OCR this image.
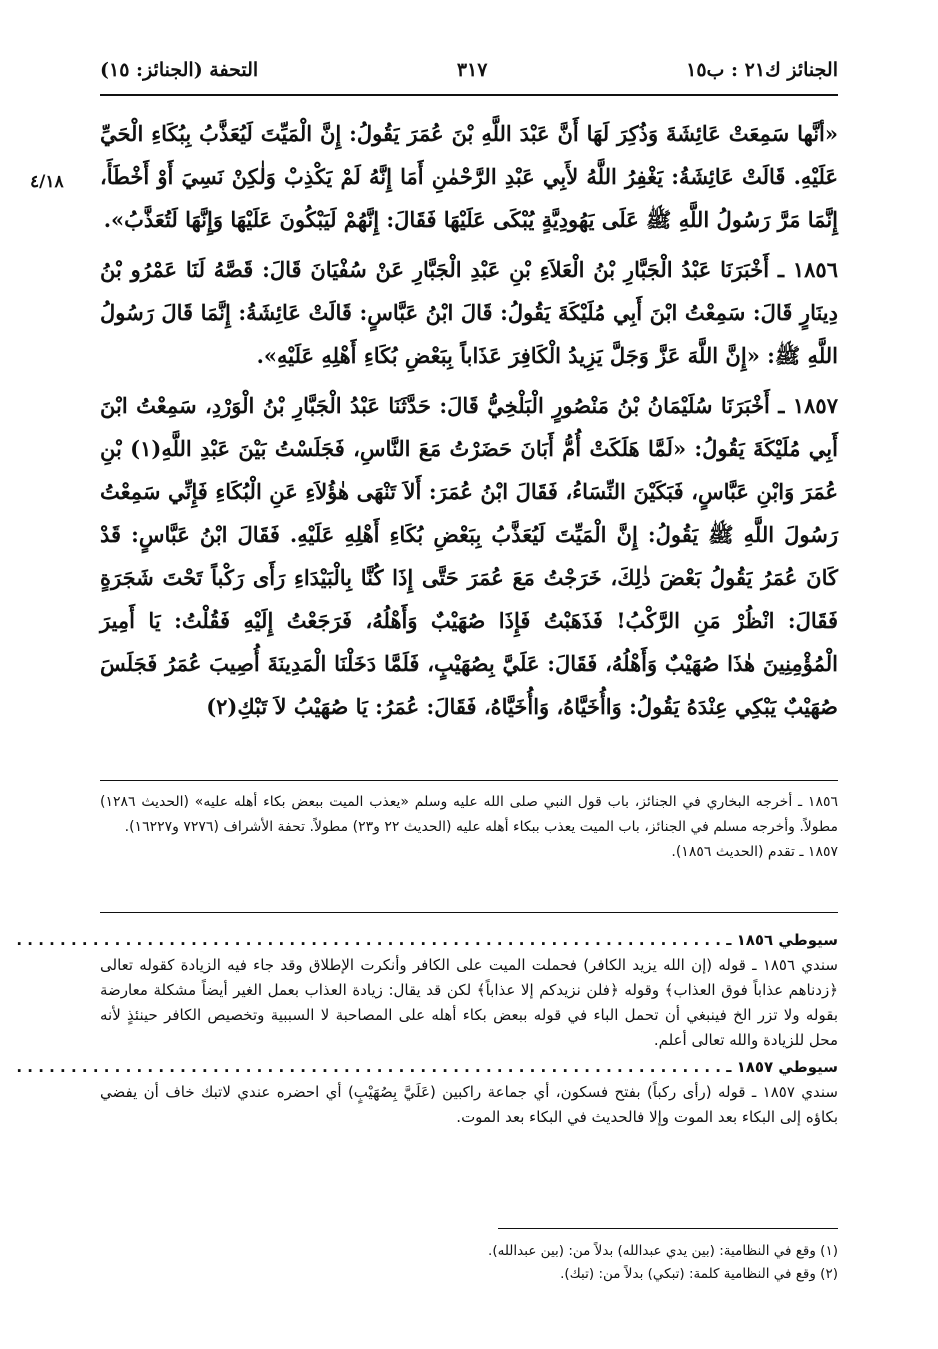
الجنائز ك٢١ : ب١٥
٣١٧
التحفة (الجنائز: ١٥)
٤/١٨

«أنَّها سَمِعَتْ عَائِشَةَ وَذُكِرَ لَهَا أَنَّ عَبْدَ اللَّهِ بْنَ عُمَرَ يَقُولُ: إِنَّ الْمَيِّتَ لَيُعَذَّبُ بِبُكَاءِ الْحَيِّ عَلَيْهِ. قَالَتْ عَائِشَةُ: يَغْفِرُ اللَّهُ لأَبِي عَبْدِ الرَّحْمٰنِ أَمَا إِنَّهُ لَمْ يَكْذِبْ وَلٰكِنْ نَسِيَ أَوْ أَخْطَأَ، إِنَّمَا مَرَّ رَسُولُ اللَّهِ ﷺ عَلَى يَهُودِيَّةٍ يُبْكَى عَلَيْهَا فَقَالَ: إِنَّهُمْ لَيَبْكُونَ عَلَيْهَا وَإِنَّهَا لَتُعَذَّبُ».

١٨٥٦ ـ أَخْبَرَنَا عَبْدُ الْجَبَّارِ بْنُ الْعَلاَءِ بْنِ عَبْدِ الْجَبَّارِ عَنْ سُفْيَانَ قَالَ: قَصَّهُ لَنَا عَمْرُو بْنُ دِينَارٍ قَالَ: سَمِعْتُ ابْنَ أَبِي مُلَيْكَةَ يَقُولُ: قَالَ ابْنُ عَبَّاسٍ: قَالَتْ عَائِشَةُ: إِنَّمَا قَالَ رَسُولُ اللَّهِ ﷺ: «إِنَّ اللَّهَ عَزَّ وَجَلَّ يَزِيدُ الْكَافِرَ عَذَاباً بِبَعْضِ بُكَاءِ أَهْلِهِ عَلَيْهِ».

١٨٥٧ ـ أَخْبَرَنَا سُلَيْمَانُ بْنُ مَنْصُورٍ الْبَلْخِيُّ قَالَ: حَدَّثَنَا عَبْدُ الْجَبَّارِ بْنُ الْوَرْدِ، سَمِعْتُ ابْنَ أَبِي مُلَيْكَةَ يَقُولُ: «لَمَّا هَلَكَتْ أُمُّ أَبَانَ حَضَرْتُ مَعَ النَّاسِ، فَجَلَسْتُ بَيْنَ عَبْدِ اللَّهِ(١) بْنِ عُمَرَ وَابْنِ عَبَّاسٍ، فَبَكَيْنَ النِّسَاءُ، فَقَالَ ابْنُ عُمَرَ: أَلاَ تَنْهَى هٰؤُلاَءِ عَنِ الْبُكَاءِ فَإِنِّي سَمِعْتُ رَسُولَ اللَّهِ ﷺ يَقُولُ: إِنَّ الْمَيِّتَ لَيُعَذَّبُ بِبَعْضِ بُكَاءِ أَهْلِهِ عَلَيْهِ. فَقَالَ ابْنُ عَبَّاسٍ: قَدْ كَانَ عُمَرُ يَقُولُ بَعْضَ ذٰلِكَ، خَرَجْتُ مَعَ عُمَرَ حَتَّى إِذَا كُنَّا بِالْبَيْدَاءِ رَأَى رَكْباً تَحْتَ شَجَرَةٍ فَقَالَ: انْظُرْ مَنِ الرَّكْبُ! فَذَهَبْتُ فَإِذَا صُهَيْبٌ وَأَهْلُهُ، فَرَجَعْتُ إِلَيْهِ فَقُلْتُ: يَا أَمِيرَ الْمُؤْمِنِينَ هٰذَا صُهَيْبٌ وَأَهْلُهُ، فَقَالَ: عَلَيَّ بِصُهَيْبٍ، فَلَمَّا دَخَلْنَا الْمَدِينَةَ أُصِيبَ عُمَرُ فَجَلَسَ صُهَيْبٌ يَبْكِي عِنْدَهُ يَقُولُ: وَاأُخَيَّاهُ، وَاأُخَيَّاهُ، فَقَالَ: عُمَرُ: يَا صُهَيْبُ لاَ تَبْكِ(٢)

١٨٥٦ ـ أخرجه البخاري في الجنائز، باب قول النبي صلى الله عليه وسلم «يعذب الميت ببعض بكاء أهله عليه» (الحديث ١٢٨٦) مطولاً. وأخرجه مسلم في الجنائز، باب الميت يعذب ببكاء أهله عليه (الحديث ٢٢ و٢٣) مطولاً. تحفة الأشراف (٧٢٧٦ و١٦٢٢٧).

١٨٥٧ ـ تقدم (الحديث ١٨٥٦).

سيوطي ١٨٥٦ ـ . . . . . . . . . . . . . . . . . . . . . . . . . . . . . . . . . . . . . . . . . . . . . . . . . . . . . . . . . . . . . . . . .

سندي ١٨٥٦ ـ قوله (إن الله يزيد الكافر) فحملت الميت على الكافر وأنكرت الإطلاق وقد جاء فيه الزيادة كقوله تعالى ﴿زدناهم عذاباً فوق العذاب﴾ وقوله ﴿فلن نزيدكم إلا عذاباً﴾ لكن قد يقال: زيادة العذاب بعمل الغير أيضاً مشكلة معارضة بقوله ولا تزر الخ فينبغي أن تحمل الباء في قوله ببعض بكاء أهله على المصاحبة لا السببية وتخصيص الكافر حينئذٍ لأنه محل للزيادة والله تعالى أعلم.

سيوطي ١٨٥٧ ـ . . . . . . . . . . . . . . . . . . . . . . . . . . . . . . . . . . . . . . . . . . . . . . . . . . . . . . . . . . . . . . . . .

سندي ١٨٥٧ ـ قوله (رأى ركباً) بفتح فسكون، أي جماعة راكبين (عَلَيَّ بِصُهَيْبٍ) أي احضره عندي لاتبك خاف أن يفضي بكاؤه إلى البكاء بعد الموت وإلا فالحديث في البكاء بعد الموت.

(١) وقع في النظامية: (بين يدي عبدالله) بدلاً من: (بين عبدالله).

(٢) وقع في النظامية كلمة: (تبكي) بدلاً من: (تبك).
